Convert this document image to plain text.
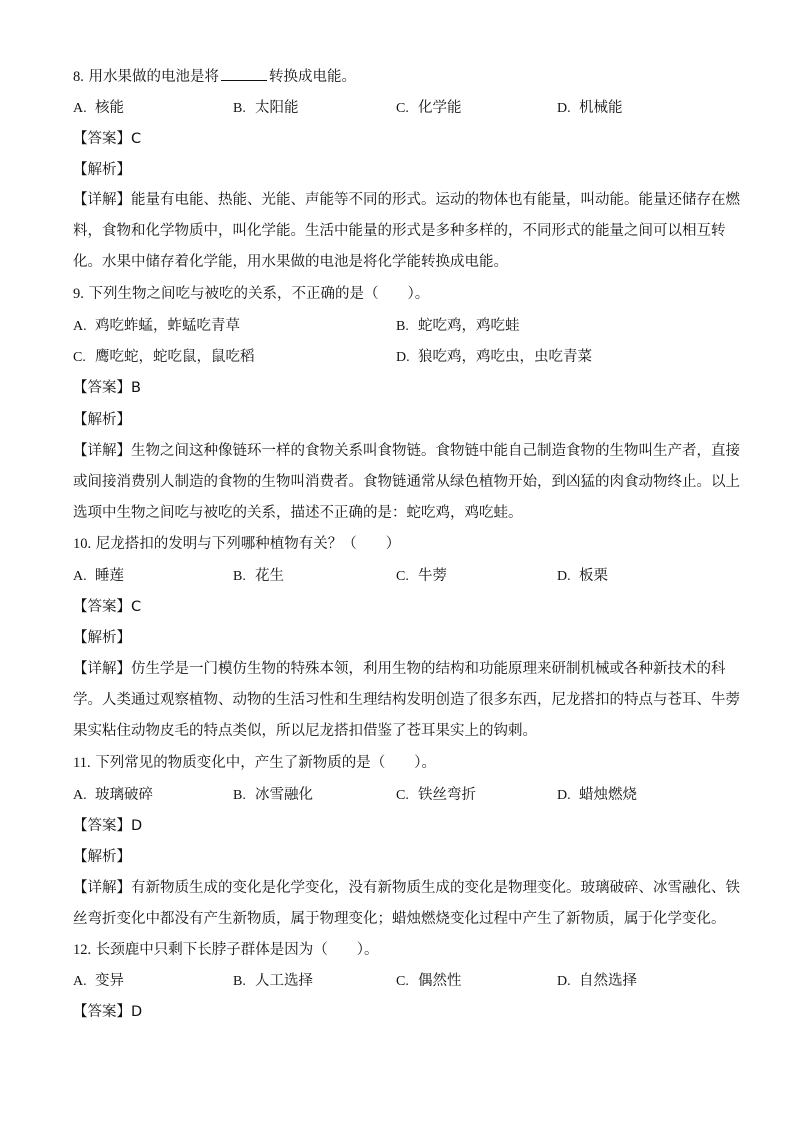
8. 用水果做的电池是将	转换成电能。
A. 核能	B. 太阳能	C. 化学能	D. 机械能
【答案】C
【解析】
【详解】能量有电能、热能、光能、声能等不同的形式。运动的物体也有能量，叫动能。能量还储存在燃
料，食物和化学物质中，叫化学能。生活中能量的形式是多种多样的，不同形式的能量之间可以相互转
化。水果中储存着化学能，用水果做的电池是将化学能转换成电能。
9. 下列生物之间吃与被吃的关系，不正确的是（　　）。
A. 鸡吃蚱蜢，蚱蜢吃青草	B. 蛇吃鸡，鸡吃蛙
C. 鹰吃蛇，蛇吃鼠，鼠吃稻	D. 狼吃鸡，鸡吃虫，虫吃青菜
【答案】B
【解析】
【详解】生物之间这种像链环一样的食物关系叫食物链。食物链中能自己制造食物的生物叫生产者，直接
或间接消费别人制造的食物的生物叫消费者。食物链通常从绿色植物开始，到凶猛的肉食动物终止。以上
选项中生物之间吃与被吃的关系，描述不正确的是：蛇吃鸡，鸡吃蛙。
10. 尼龙搭扣的发明与下列哪种植物有关？（　　）
A. 睡莲	B. 花生	C. 牛蒡	D. 板栗
【答案】C
【解析】
【详解】仿生学是一门模仿生物的特殊本领，利用生物的结构和功能原理来研制机械或各种新技术的科
学。人类通过观察植物、动物的生活习性和生理结构发明创造了很多东西，尼龙搭扣的特点与苍耳、牛蒡
果实粘住动物皮毛的特点类似，所以尼龙搭扣借鉴了苍耳果实上的钩刺。
11. 下列常见的物质变化中，产生了新物质的是（　　）。
A. 玻璃破碎	B. 冰雪融化	C. 铁丝弯折	D. 蜡烛燃烧
【答案】D
【解析】
【详解】有新物质生成的变化是化学变化，没有新物质生成的变化是物理变化。玻璃破碎、冰雪融化、铁
丝弯折变化中都没有产生新物质，属于物理变化；蜡烛燃烧变化过程中产生了新物质，属于化学变化。
12. 长颈鹿中只剩下长脖子群体是因为（　　）。
A. 变异	B. 人工选择	C. 偶然性	D. 自然选择
【答案】D
